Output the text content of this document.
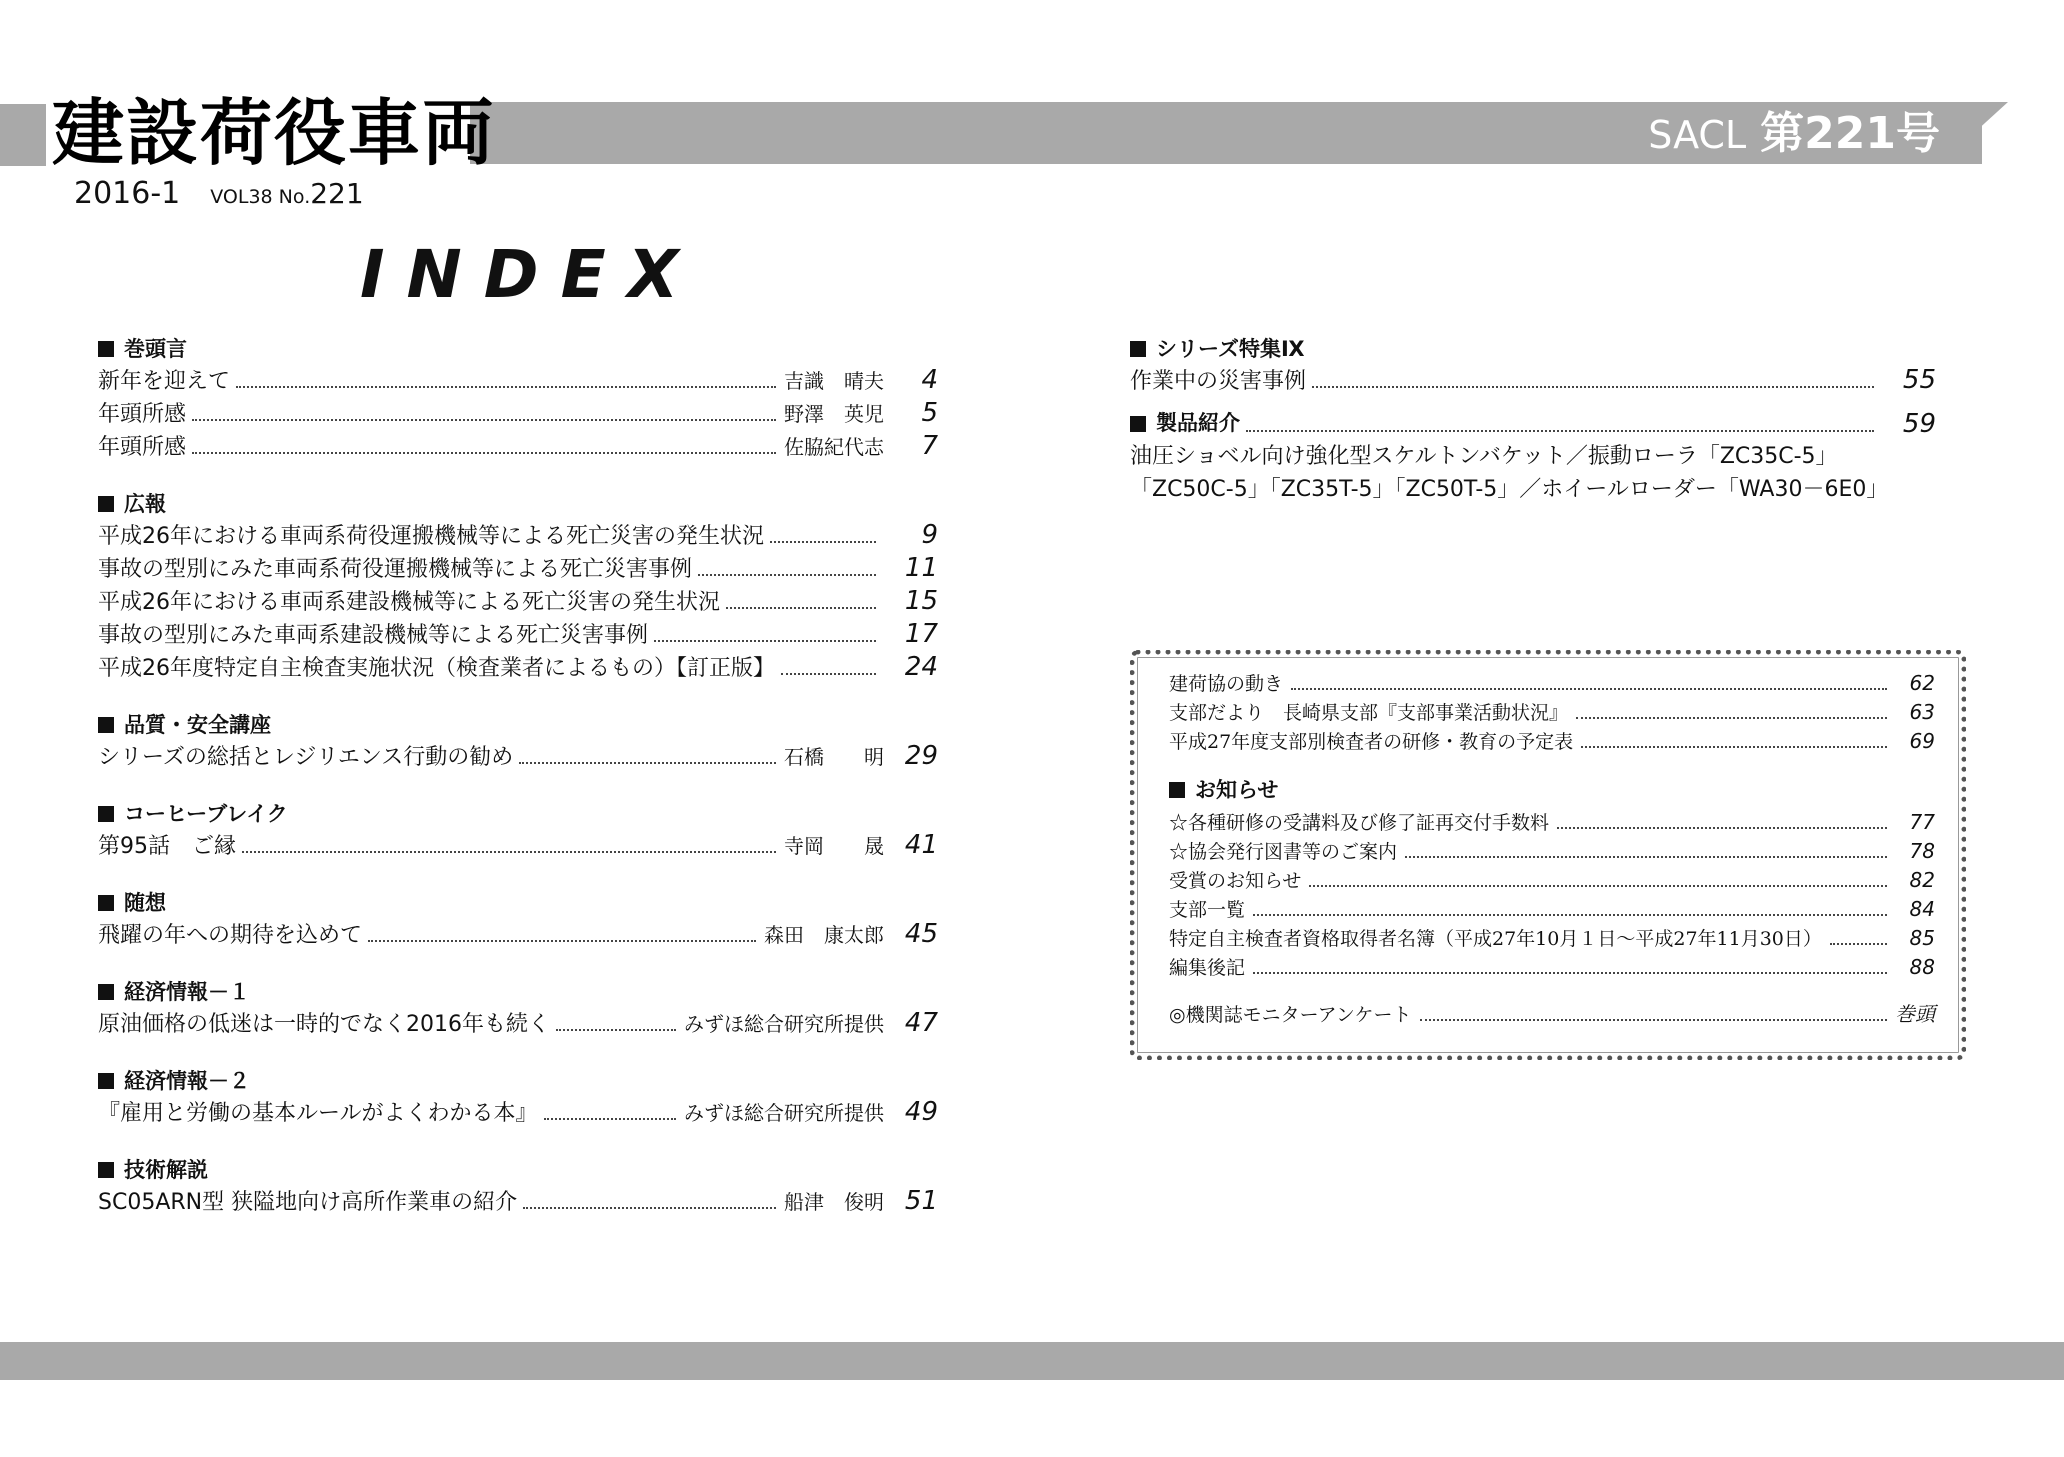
建設荷役車両	SACL 第221号
2016-1 VOL38 No.221
INDEX
巻頭言
新年を迎えて	吉識　晴夫	4
年頭所感	野澤　英児	5
年頭所感	佐脇紀代志	7
広報
平成26年における車両系荷役運搬機械等による死亡災害の発生状況	9
事故の型別にみた車両系荷役運搬機械等による死亡災害事例	11
平成26年における車両系建設機械等による死亡災害の発生状況	15
事故の型別にみた車両系建設機械等による死亡災害事例	17
平成26年度特定自主検査実施状況（検査業者によるもの）【訂正版】	24
品質・安全講座
シリーズの総括とレジリエンス行動の勧め	石橋　　明 29
コーヒーブレイク
第95話　ご縁	寺岡　　晟 41
随想
飛躍の年への期待を込めて	森田　康太郎 45
経済情報－１
原油価格の低迷は一時的でなく2016年も続く	みずほ総合研究所提供 47
経済情報－２
『雇用と労働の基本ルールがよくわかる本』	みずほ総合研究所提供 49
技術解説
SC05ARN型 狭隘地向け高所作業車の紹介	船津　俊明 51
シリーズ特集Ⅸ
作業中の災害事例	55
製品紹介	59
油圧ショベル向け強化型スケルトンバケット／振動ローラ「ZC35C-5」
「ZC50C-5」「ZC35T-5」「ZC50T-5」／ホイールローダー「WA30－6E0」
建荷協の動き	62
支部だより　長崎県支部『支部事業活動状況』	63
平成27年度支部別検査者の研修・教育の予定表	69
お知らせ
☆各種研修の受講料及び修了証再交付手数料	77
☆協会発行図書等のご案内	78
受賞のお知らせ	82
支部一覧	84
特定自主検査者資格取得者名簿（平成27年10月１日～平成27年11月30日）	85
編集後記	88
◎機関誌モニターアンケート	巻頭
